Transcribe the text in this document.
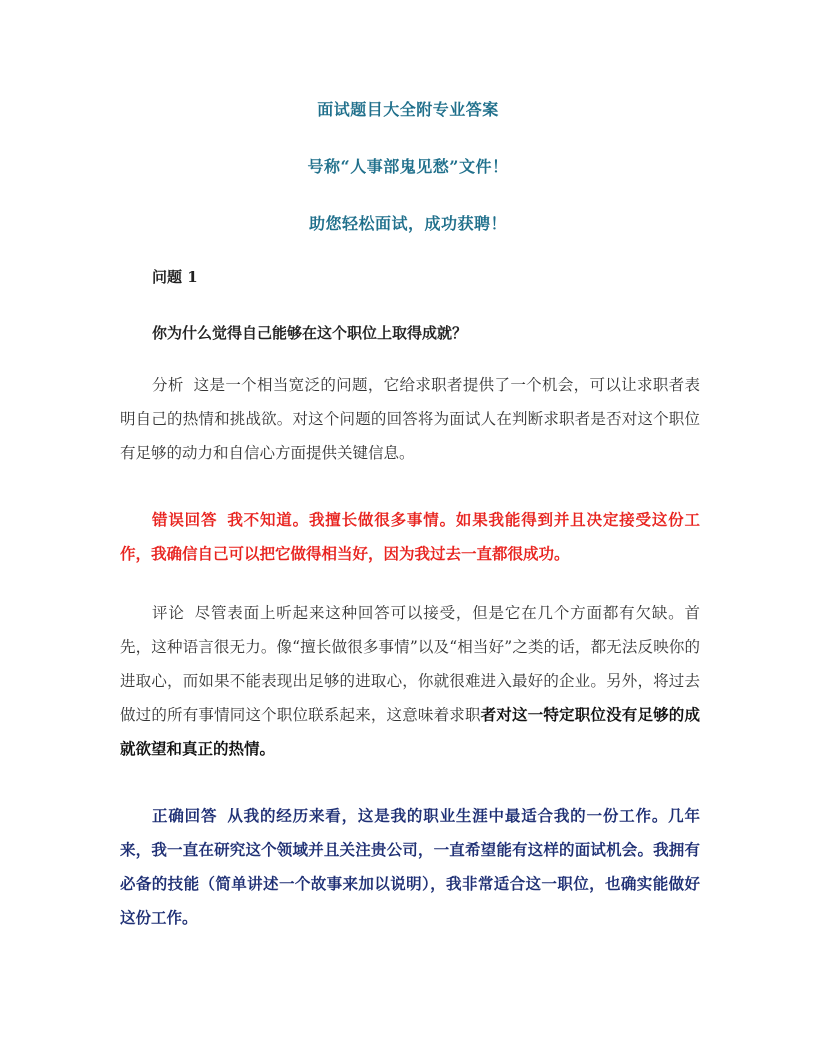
面试题目大全附专业答案
号称“人事部鬼见愁”文件！
助您轻松面试，成功获聘！
问题 1
你为什么觉得自己能够在这个职位上取得成就？
分析 这是一个相当宽泛的问题，它给求职者提供了一个机会，可以让求职者表明自己的热情和挑战欲。对这个问题的回答将为面试人在判断求职者是否对这个职位有足够的动力和自信心方面提供关键信息。
错误回答 我不知道。我擅长做很多事情。如果我能得到并且决定接受这份工作，我确信自己可以把它做得相当好，因为我过去一直都很成功。
评论 尽管表面上听起来这种回答可以接受，但是它在几个方面都有欠缺。首先，这种语言很无力。像“擅长做很多事情”以及“相当好”之类的话，都无法反映你的进取心，而如果不能表现出足够的进取心，你就很难进入最好的企业。另外，将过去做过的所有事情同这个职位联系起来，这意味着求职者对这一特定职位没有足够的成就欲望和真正的热情。
正确回答 从我的经历来看，这是我的职业生涯中最适合我的一份工作。几年来，我一直在研究这个领域并且关注贵公司，一直希望能有这样的面试机会。我拥有必备的技能（简单讲述一个故事来加以说明），我非常适合这一职位，也确实能做好这份工作。
